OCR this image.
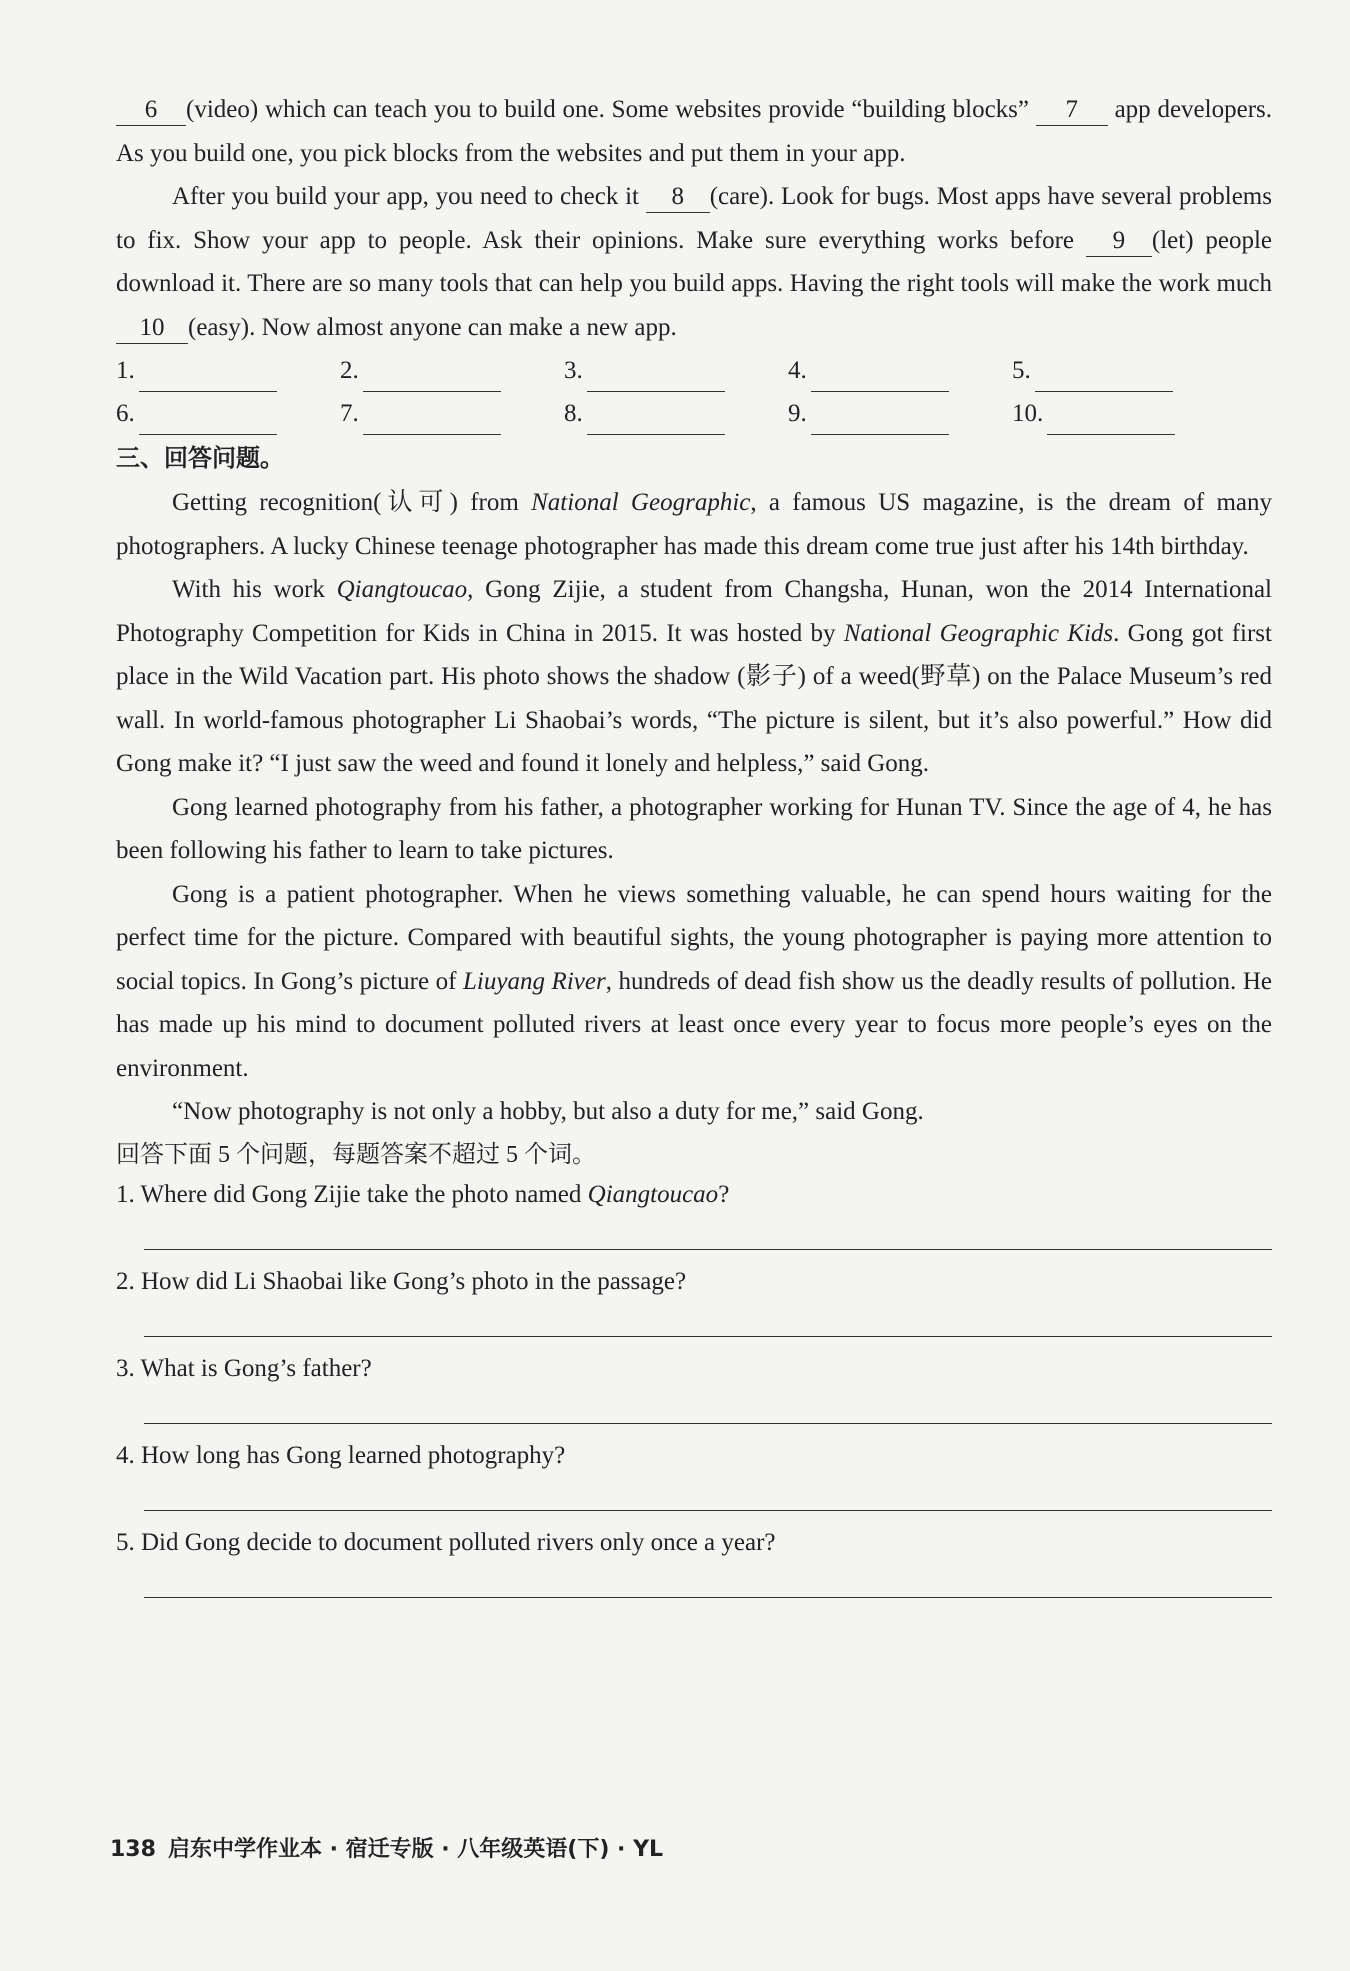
6 (video) which can teach you to build one. Some websites provide “building blocks” 7 app developers. As you build one, you pick blocks from the websites and put them in your app.

After you build your app, you need to check it 8 (care). Look for bugs. Most apps have several problems to fix. Show your app to people. Ask their opinions. Make sure everything works before 9 (let) people download it. There are so many tools that can help you build apps. Having the right tools will make the work much 10 (easy). Now almost anyone can make a new app.

1.	2.	3.	4.	5.
6.	7.	8.	9.	10.
三、回答问题。

Getting recognition(认可) from National Geographic, a famous US magazine, is the dream of many photographers. A lucky Chinese teenage photographer has made this dream come true just after his 14th birthday.

With his work Qiangtoucao, Gong Zijie, a student from Changsha, Hunan, won the 2014 International Photography Competition for Kids in China in 2015. It was hosted by National Geographic Kids. Gong got first place in the Wild Vacation part. His photo shows the shadow (影子) of a weed(野草) on the Palace Museum’s red wall. In world-famous photographer Li Shaobai’s words, “The picture is silent, but it’s also powerful.” How did Gong make it? “I just saw the weed and found it lonely and helpless,” said Gong.

Gong learned photography from his father, a photographer working for Hunan TV. Since the age of 4, he has been following his father to learn to take pictures.

Gong is a patient photographer. When he views something valuable, he can spend hours waiting for the perfect time for the picture. Compared with beautiful sights, the young photographer is paying more attention to social topics. In Gong’s picture of Liuyang River, hundreds of dead fish show us the deadly results of pollution. He has made up his mind to document polluted rivers at least once every year to focus more people’s eyes on the environment.

“Now photography is not only a hobby, but also a duty for me,” said Gong.

回答下面 5 个问题，每题答案不超过 5 个词。

1. Where did Gong Zijie take the photo named Qiangtoucao?

2. How did Li Shaobai like Gong’s photo in the passage?

3. What is Gong’s father?

4. How long has Gong learned photography?

5. Did Gong decide to document polluted rivers only once a year?

138 启东中学作业本 · 宿迁专版 · 八年级英语(下) · YL
